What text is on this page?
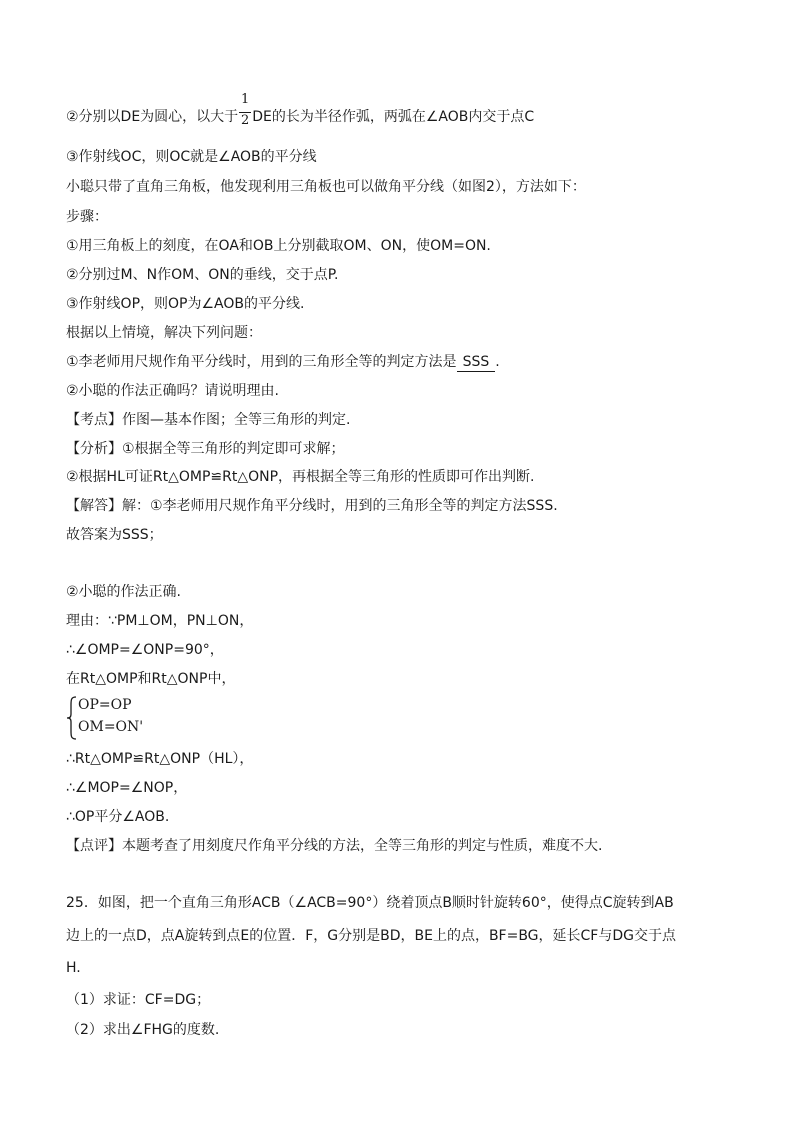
②分别以DE为圆心，以大于 $\frac{1}{2}$ DE的长为半径作弧，两弧在∠AOB内交于点C
③作射线OC，则OC就是∠AOB的平分线
小聪只带了直角三角板，他发现利用三角板也可以做角平分线（如图2），方法如下：
步骤：
①用三角板上的刻度，在OA和OB上分别截取OM、ON，使OM=ON.
②分别过M、N作OM、ON的垂线，交于点P.
③作射线OP，则OP为∠AOB的平分线.
根据以上情境，解决下列问题：
①李老师用尺规作角平分线时，用到的三角形全等的判定方法是 SSS .
②小聪的作法正确吗？请说明理由.
【考点】作图—基本作图；全等三角形的判定.
【分析】①根据全等三角形的判定即可求解；
②根据HL可证Rt△OMP≌Rt△ONP，再根据全等三角形的性质即可作出判断.
【解答】解：①李老师用尺规作角平分线时，用到的三角形全等的判定方法SSS.
故答案为SSS；
②小聪的作法正确.
理由：∵PM⊥OM，PN⊥ON，
∴∠OMP=∠ONP=90°，
在Rt△OMP和Rt△ONP中，
OP=OP
OM=ON'
∴Rt△OMP≌Rt△ONP（HL），
∴∠MOP=∠NOP，
∴OP平分∠AOB.
【点评】本题考查了用刻度尺作角平分线的方法，全等三角形的判定与性质，难度不大.
25．如图，把一个直角三角形ACB（∠ACB=90°）绕着顶点B顺时针旋转60°，使得点C旋转到AB
边上的一点D，点A旋转到点E的位置．F，G分别是BD，BE上的点，BF=BG，延长CF与DG交于点
H.
（1）求证：CF=DG；
（2）求出∠FHG的度数.
